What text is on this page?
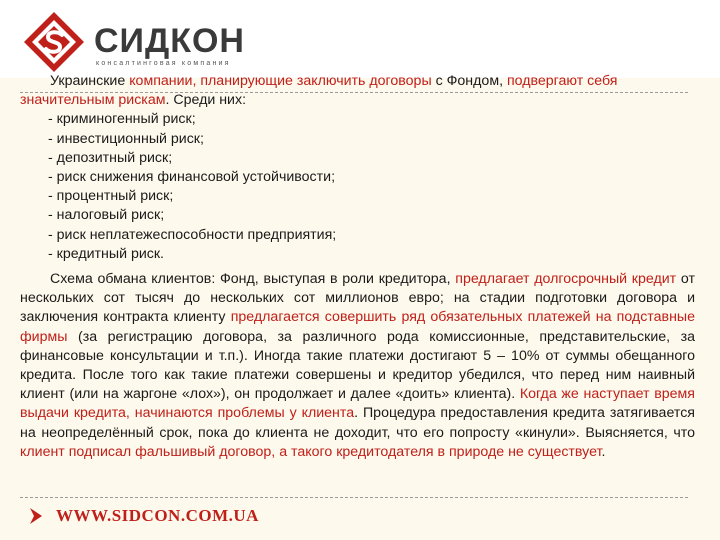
СИДКОН
консалтинговая компания

Украинские компании, планирующие заключить договоры с Фондом, подвергают себя значительным рискам. Среди них:

- криминогенный риск;
- инвестиционный риск;
- депозитный риск;
- риск снижения финансовой устойчивости;
- процентный риск;
- налоговый риск;
- риск неплатежеспособности предприятия;
- кредитный риск.

Схема обмана клиентов: Фонд, выступая в роли кредитора, предлагает долгосрочный кредит от нескольких сот тысяч до нескольких сот миллионов евро; на стадии подготовки договора и заключения контракта клиенту предлагается совершить ряд обязательных платежей на подставные фирмы (за регистрацию договора, за различного рода комиссионные, представительские, за финансовые консультации и т.п.). Иногда такие платежи достигают 5 – 10% от суммы обещанного кредита. После того как такие платежи совершены и кредитор убедился, что перед ним наивный клиент (или на жаргоне «лох»), он продолжает и далее «доить» клиента). Когда же наступает время выдачи кредита, начинаются проблемы у клиента. Процедура предоставления кредита затягивается на неопределённый срок, пока до клиента не доходит, что его попросту «кинули». Выясняется, что клиент подписал фальшивый договор, а такого кредитодателя в природе не существует.

WWW.SIDCON.COM.UA
